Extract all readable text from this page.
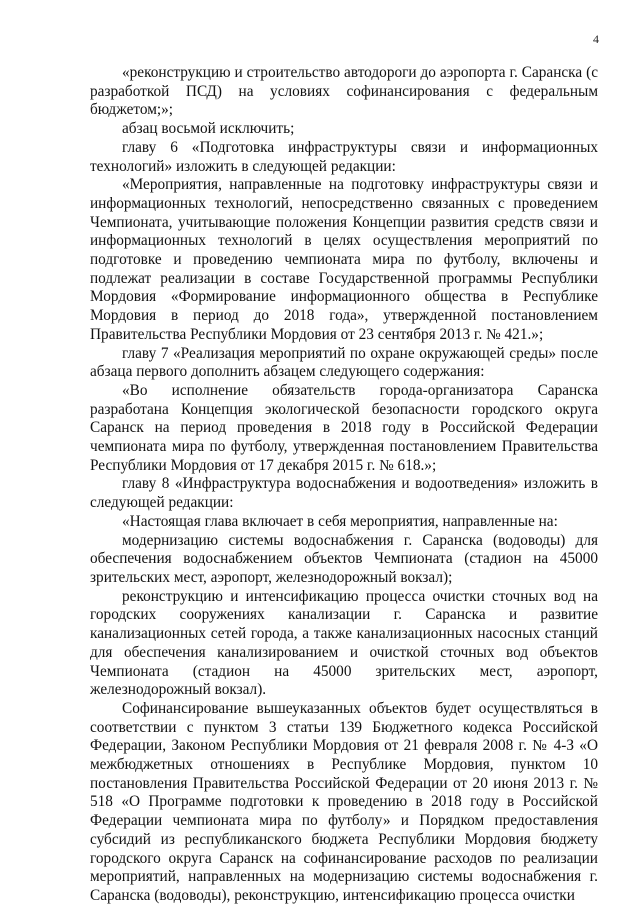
4

«реконструкцию и строительство автодороги до аэропорта г. Саранска (с разработкой ПСД) на условиях софинансирования с федеральным бюджетом;»;

абзац восьмой исключить;

главу 6 «Подготовка инфраструктуры связи и информационных технологий» изложить в следующей редакции:

«Мероприятия, направленные на подготовку инфраструктуры связи и информационных технологий, непосредственно связанных с проведением Чемпионата, учитывающие положения Концепции развития средств связи и информационных технологий в целях осуществления мероприятий по подготовке и проведению чемпионата мира по футболу, включены и подлежат реализации в составе Государственной программы Республики Мордовия «Формирование информационного общества в Республике Мордовия в период до 2018 года», утвержденной постановлением Правительства Республики Мордовия от 23 сентября 2013 г. № 421.»;

главу 7 «Реализация мероприятий по охране окружающей среды» после абзаца первого дополнить абзацем следующего содержания:

«Во исполнение обязательств города-организатора Саранска разработана Концепция экологической безопасности городского округа Саранск на период проведения в 2018 году в Российской Федерации чемпионата мира по футболу, утвержденная постановлением Правительства Республики Мордовия от 17 декабря 2015 г. № 618.»;

главу 8 «Инфраструктура водоснабжения и водоотведения» изложить в следующей редакции:

«Настоящая глава включает в себя мероприятия, направленные на:

модернизацию системы водоснабжения г. Саранска (водоводы) для обеспечения водоснабжением объектов Чемпионата (стадион на 45000 зрительских мест, аэропорт, железнодорожный вокзал);

реконструкцию и интенсификацию процесса очистки сточных вод на городских сооружениях канализации г. Саранска и развитие канализационных сетей города, а также канализационных насосных станций для обеспечения канализированием и очисткой сточных вод объектов Чемпионата (стадион на 45000 зрительских мест, аэропорт, железнодорожный вокзал).

Софинансирование вышеуказанных объектов будет осуществляться в соответствии с пунктом 3 статьи 139 Бюджетного кодекса Российской Федерации, Законом Республики Мордовия от 21 февраля 2008 г. № 4-З «О межбюджетных отношениях в Республике Мордовия, пунктом 10 постановления Правительства Российской Федерации от 20 июня 2013 г. № 518 «О Программе подготовки к проведению в 2018 году в Российской Федерации чемпионата мира по футболу» и Порядком предоставления субсидий из республиканского бюджета Республики Мордовия бюджету городского округа Саранск на софинансирование расходов по реализации мероприятий, направленных на модернизацию системы водоснабжения г. Саранска (водоводы), реконструкцию, интенсификацию процесса очистки
